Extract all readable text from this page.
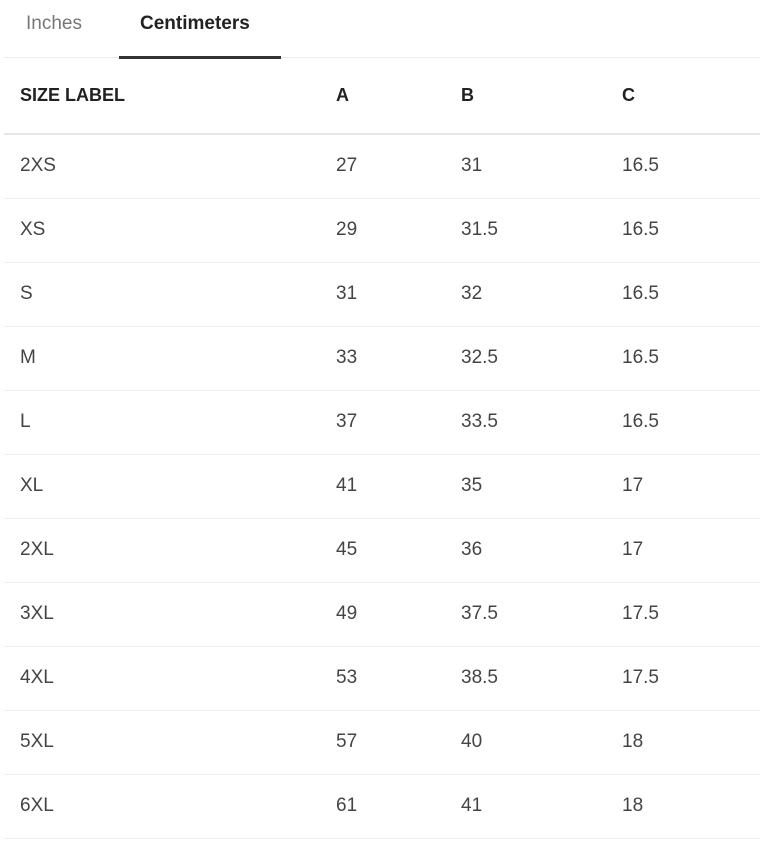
Inches	Centimeters
SIZE LABEL	A	B	C
2XS	27	31	16.5
XS	29	31.5	16.5
S	31	32	16.5
M	33	32.5	16.5
L	37	33.5	16.5
XL	41	35	17
2XL	45	36	17
3XL	49	37.5	17.5
4XL	53	38.5	17.5
5XL	57	40	18
6XL	61	41	18
